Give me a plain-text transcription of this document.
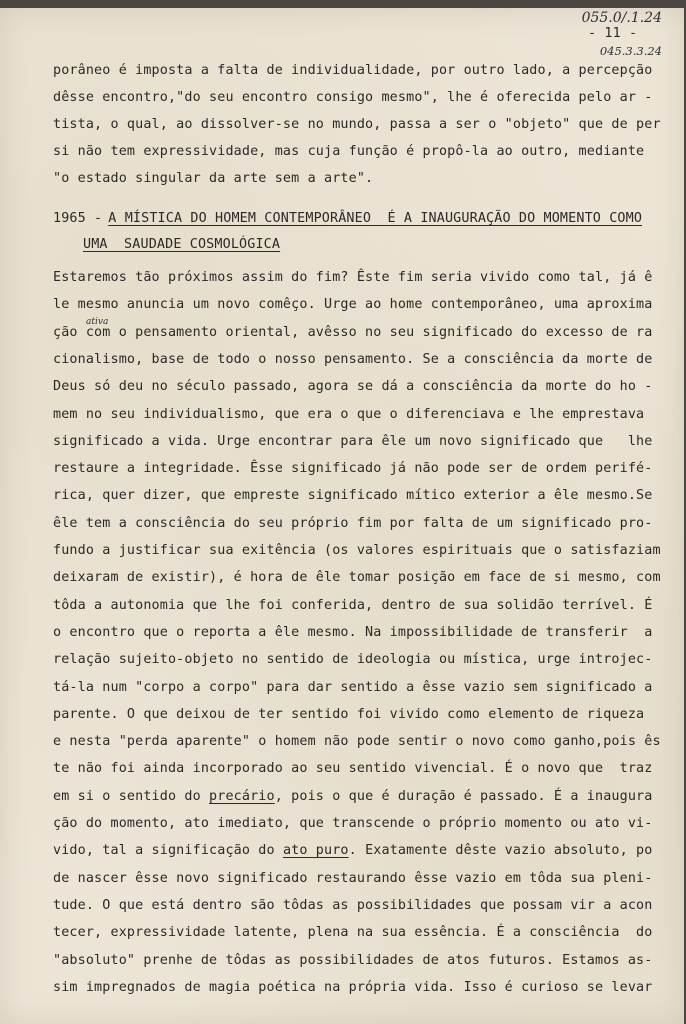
055.0/.1.24
045.3.3.24
- 11 -
porâneo é imposta a falta de individualidade, por outro lado, a percepção
dêsse encontro,"do seu encontro consigo mesmo", lhe é oferecida pelo ar -
tista, o qual, ao dissolver-se no mundo, passa a ser o "objeto" que de per
si não tem expressividade, mas cuja função é propô-la ao outro, mediante
"o estado singular da arte sem a arte".
1965 - A MÍSTICA DO HOMEM CONTEMPORÂNEO  É A INAUGURAÇÃO DO MOMENTO COMO
UMA  SAUDADE COSMOLÓGICA
ativa
Estaremos tão próximos assim do fim? Êste fim seria vivido como tal, já ê
le mesmo anuncia um novo comêço. Urge ao home contemporâneo, uma aproxima
ção com o pensamento oriental, avêsso no seu significado do excesso de ra
cionalismo, base de todo o nosso pensamento. Se a consciência da morte de
Deus só deu no século passado, agora se dá a consciência da morte do ho -
mem no seu individualismo, que era o que o diferenciava e lhe emprestava
significado a vida. Urge encontrar para êle um novo significado que   lhe
restaure a integridade. Êsse significado já não pode ser de ordem perifé-
rica, quer dizer, que empreste significado mítico exterior a êle mesmo.Se
êle tem a consciência do seu próprio fim por falta de um significado pro-
fundo a justificar sua exitência (os valores espirituais que o satisfaziam
deixaram de existir), é hora de êle tomar posição em face de si mesmo, com
tôda a autonomia que lhe foi conferida, dentro de sua solidão terrível. É
o encontro que o reporta a êle mesmo. Na impossibilidade de transferir  a
relação sujeito-objeto no sentido de ideologia ou mística, urge introjec-
tá-la num "corpo a corpo" para dar sentido a êsse vazio sem significado a
parente. O que deixou de ter sentido foi vivido como elemento de riqueza
e nesta "perda aparente" o homem não pode sentir o novo como ganho,pois ês
te não foi ainda incorporado ao seu sentido vivencial. É o novo que  traz
em si o sentido do precário, pois o que é duração é passado. É a inaugura
ção do momento, ato imediato, que transcende o próprio momento ou ato vi-
vido, tal a significação do ato puro. Exatamente dêste vazio absoluto, po
de nascer êsse novo significado restaurando êsse vazio em tôda sua pleni-
tude. O que está dentro são tôdas as possibilidades que possam vir a acon
tecer, expressividade latente, plena na sua essência. É a consciência  do
"absoluto" prenhe de tôdas as possibilidades de atos futuros. Estamos as-
sim impregnados de magia poética na própria vida. Isso é curioso se levar
